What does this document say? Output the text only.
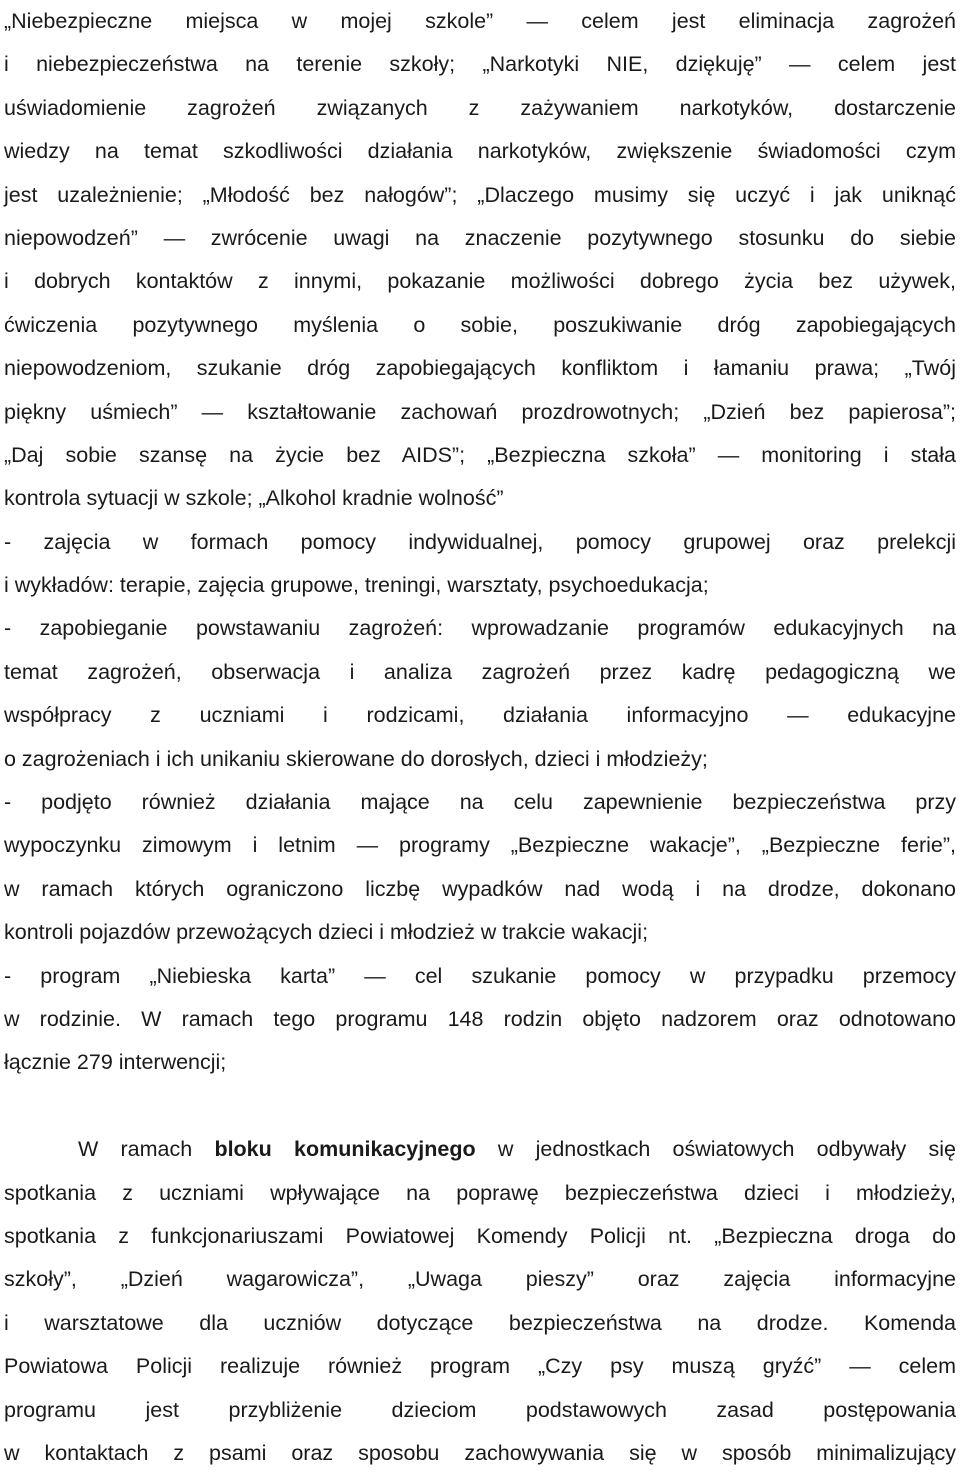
„Niebezpieczne miejsca w mojej szkole” — celem jest eliminacja zagrożeń
i niebezpieczeństwa na terenie szkoły; „Narkotyki NIE, dziękuję” — celem jest
uświadomienie zagrożeń związanych z zażywaniem narkotyków, dostarczenie
wiedzy na temat szkodliwości działania narkotyków, zwiększenie świadomości czym
jest uzależnienie; „Młodość bez nałogów”; „Dlaczego musimy się uczyć i jak uniknąć
niepowodzeń” — zwrócenie uwagi na znaczenie pozytywnego stosunku do siebie
i dobrych kontaktów z innymi, pokazanie możliwości dobrego życia bez używek,
ćwiczenia pozytywnego myślenia o sobie, poszukiwanie dróg zapobiegających
niepowodzeniom, szukanie dróg zapobiegających konfliktom i łamaniu prawa; „Twój
piękny uśmiech” — kształtowanie zachowań prozdrowotnych; „Dzień bez papierosa”;
„Daj sobie szansę na życie bez AIDS”; „Bezpieczna szkoła” — monitoring i stała
kontrola sytuacji w szkole; „Alkohol kradnie wolność”
- zajęcia w formach pomocy indywidualnej, pomocy grupowej oraz prelekcji
i wykładów: terapie, zajęcia grupowe, treningi, warsztaty, psychoedukacja;
- zapobieganie powstawaniu zagrożeń: wprowadzanie programów edukacyjnych na
temat zagrożeń, obserwacja i analiza zagrożeń przez kadrę pedagogiczną we
współpracy z uczniami i rodzicami, działania informacyjno — edukacyjne
o zagrożeniach i ich unikaniu skierowane do dorosłych, dzieci i młodzieży;
- podjęto również działania mające na celu zapewnienie bezpieczeństwa przy
wypoczynku zimowym i letnim — programy „Bezpieczne wakacje”, „Bezpieczne ferie”,
w ramach których ograniczono liczbę wypadków nad wodą i na drodze, dokonano
kontroli pojazdów przewożących dzieci i młodzież w trakcie wakacji;
- program „Niebieska karta” — cel szukanie pomocy w przypadku przemocy
w rodzinie. W ramach tego programu 148 rodzin objęto nadzorem oraz odnotowano
łącznie 279 interwencji;
W ramach bloku komunikacyjnego w jednostkach oświatowych odbywały się
spotkania z uczniami wpływające na poprawę bezpieczeństwa dzieci i młodzieży,
spotkania z funkcjonariuszami Powiatowej Komendy Policji nt. „Bezpieczna droga do
szkoły”, „Dzień wagarowicza”, „Uwaga pieszy” oraz zajęcia informacyjne
i warsztatowe dla uczniów dotyczące bezpieczeństwa na drodze. Komenda
Powiatowa Policji realizuje również program „Czy psy muszą gryźć” — celem
programu jest przybliżenie dzieciom podstawowych zasad postępowania
w kontaktach z psami oraz sposobu zachowywania się w sposób minimalizujący
